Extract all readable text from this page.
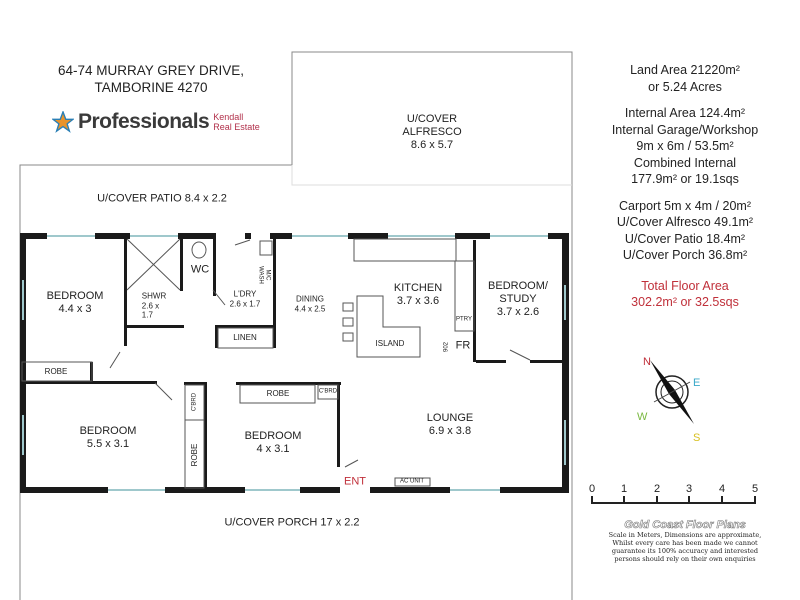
64-74 MURRAY GREY DRIVE,
TAMBORINE 4270
Professionals Kendall
Real Estate
U/COVER
ALFRESCO
8.6 x 5.7
U/COVER PATIO 8.4 x 2.2
U/COVER PORCH 17 x 2.2
BEDROOM
4.4 x 3
ROBE
SHWR
2.6 x
1.7
WC
L'DRY
2.6 x 1.7
WASH M/C
LINEN
DINING
4.4 x 2.5
KITCHEN
3.7 x 3.6
ISLAND
PTRY
FR
902
BEDROOM/
STUDY
3.7 x 2.6
BEDROOM
5.5 x 3.1
C'BRD
ROBE
BEDROOM
4 x 3.1
ROBE	C'BRD
LOUNGE
6.9 x 3.8
ENT	AC UNIT
Land Area 21220m²
or 5.24 Acres
Internal Area 124.4m²
Internal Garage/Workshop
9m x 6m / 53.5m²
Combined Internal
177.9m² or 19.1sqs
Carport 5m x 4m / 20m²
U/Cover Alfresco 49.1m²
U/Cover Patio 18.4m²
U/Cover Porch 36.8m²
Total Floor Area
302.2m² or 32.5sqs
N
E
S
W
0 1 2 3 4 5
Gold Coast Floor Plans
Scale in Meters, Dimensions are approximate,
Whilst every care has been made we cannot
guarantee its 100% accuracy and interested
persons should rely on their own enquiries
